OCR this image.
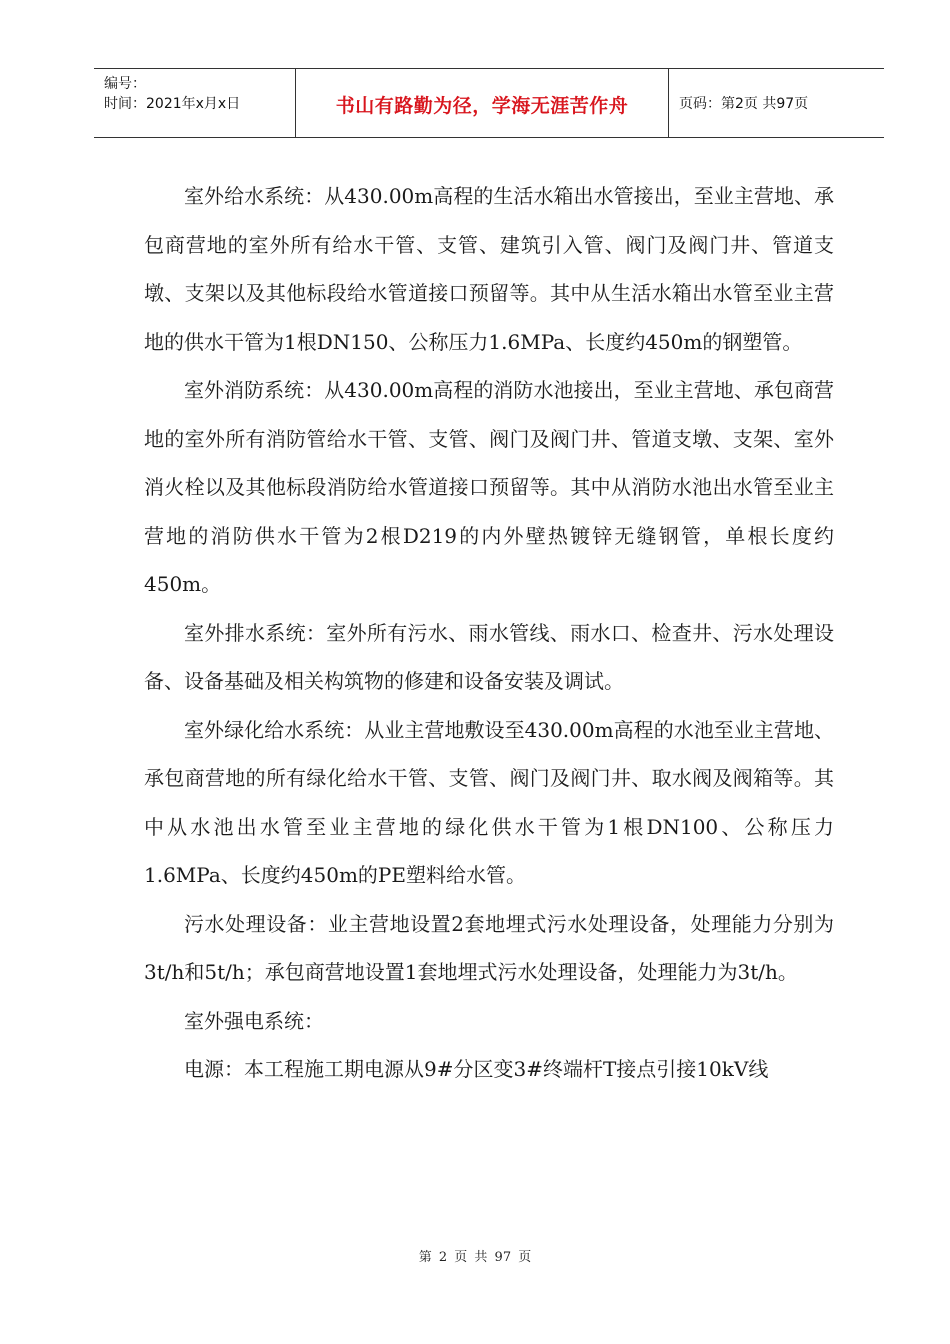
编号：
时间：2021年x月x日	书山有路勤为径，学海无涯苦作舟	页码：第2页 共97页

室外给水系统：从430.00m高程的生活水箱出水管接出，至业主营地、承包商营地的室外所有给水干管、支管、建筑引入管、阀门及阀门井、管道支墩、支架以及其他标段给水管道接口预留等。其中从生活水箱出水管至业主营地的供水干管为1根DN150、公称压力1.6MPa、长度约450m的钢塑管。

室外消防系统：从430.00m高程的消防水池接出，至业主营地、承包商营地的室外所有消防管给水干管、支管、阀门及阀门井、管道支墩、支架、室外消火栓以及其他标段消防给水管道接口预留等。其中从消防水池出水管至业主营地的消防供水干管为2根D219的内外壁热镀锌无缝钢管，单根长度约450m。

室外排水系统：室外所有污水、雨水管线、雨水口、检查井、污水处理设备、设备基础及相关构筑物的修建和设备安装及调试。

室外绿化给水系统：从业主营地敷设至430.00m高程的水池至业主营地、承包商营地的所有绿化给水干管、支管、阀门及阀门井、取水阀及阀箱等。其中从水池出水管至业主营地的绿化供水干管为1根DN100、公称压力1.6MPa、长度约450m的PE塑料给水管。

污水处理设备：业主营地设置2套地埋式污水处理设备，处理能力分别为3t/h和5t/h；承包商营地设置1套地埋式污水处理设备，处理能力为3t/h。

室外强电系统：

电源：本工程施工期电源从9#分区变3#终端杆T接点引接10kV线

第 2 页 共 97 页
